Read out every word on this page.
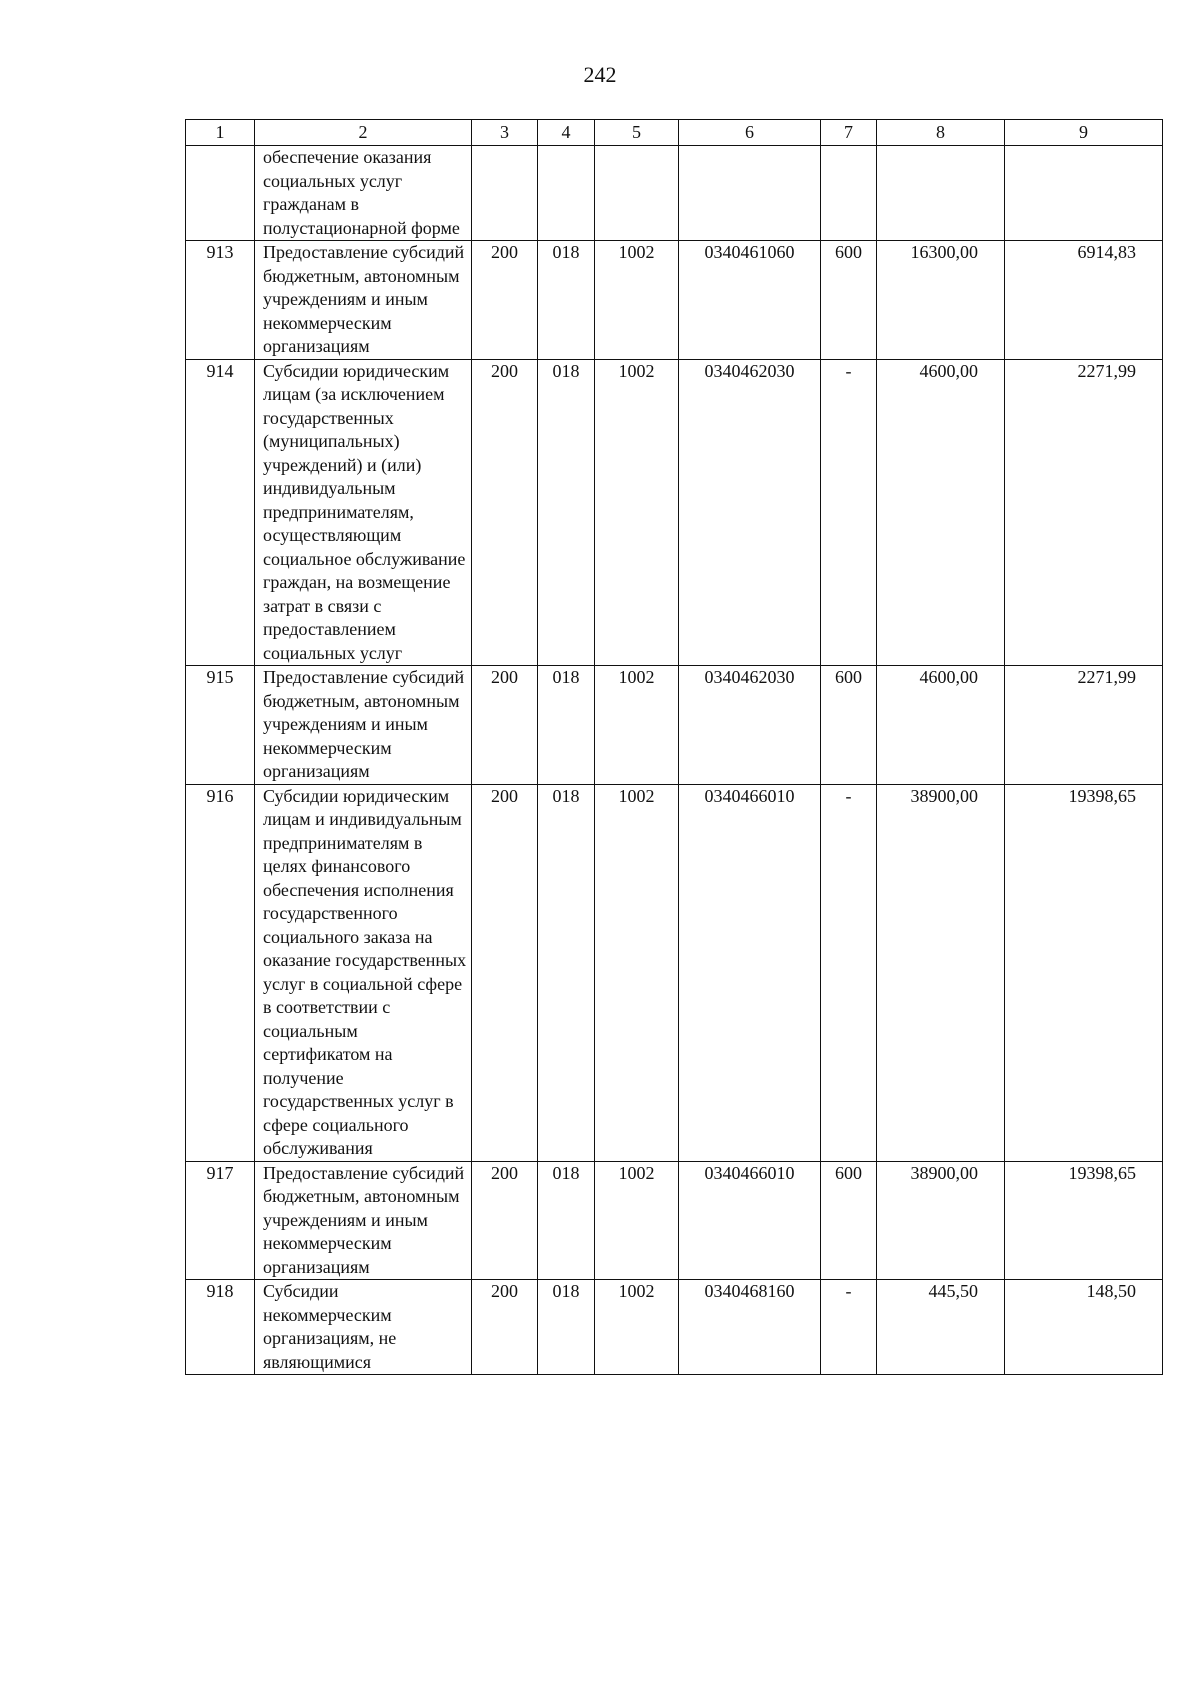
242
1	2	3	4	5	6	7	8	9
	обеспечение оказания социальных услуг гражданам в полустационарной форме							
913	Предоставление субсидий бюджетным, автономным учреждениям и иным некоммерческим организациям	200	018	1002	0340461060	600	16300,00	6914,83
914	Субсидии юридическим лицам (за исключением государственных (муниципальных) учреждений) и (или) индивидуальным предпринимателям, осуществляющим социальное обслуживание граждан, на возмещение затрат в связи с предоставлением социальных услуг	200	018	1002	0340462030	-	4600,00	2271,99
915	Предоставление субсидий бюджетным, автономным учреждениям и иным некоммерческим организациям	200	018	1002	0340462030	600	4600,00	2271,99
916	Субсидии юридическим лицам и индивидуальным предпринимателям в целях финансового обеспечения исполнения государственного социального заказа на оказание государственных услуг в социальной сфере в соответствии с социальным сертификатом на получение государственных услуг в сфере социального обслуживания	200	018	1002	0340466010	-	38900,00	19398,65
917	Предоставление субсидий бюджетным, автономным учреждениям и иным некоммерческим организациям	200	018	1002	0340466010	600	38900,00	19398,65
918	Субсидии некоммерческим организациям, не являющимися	200	018	1002	0340468160	-	445,50	148,50
